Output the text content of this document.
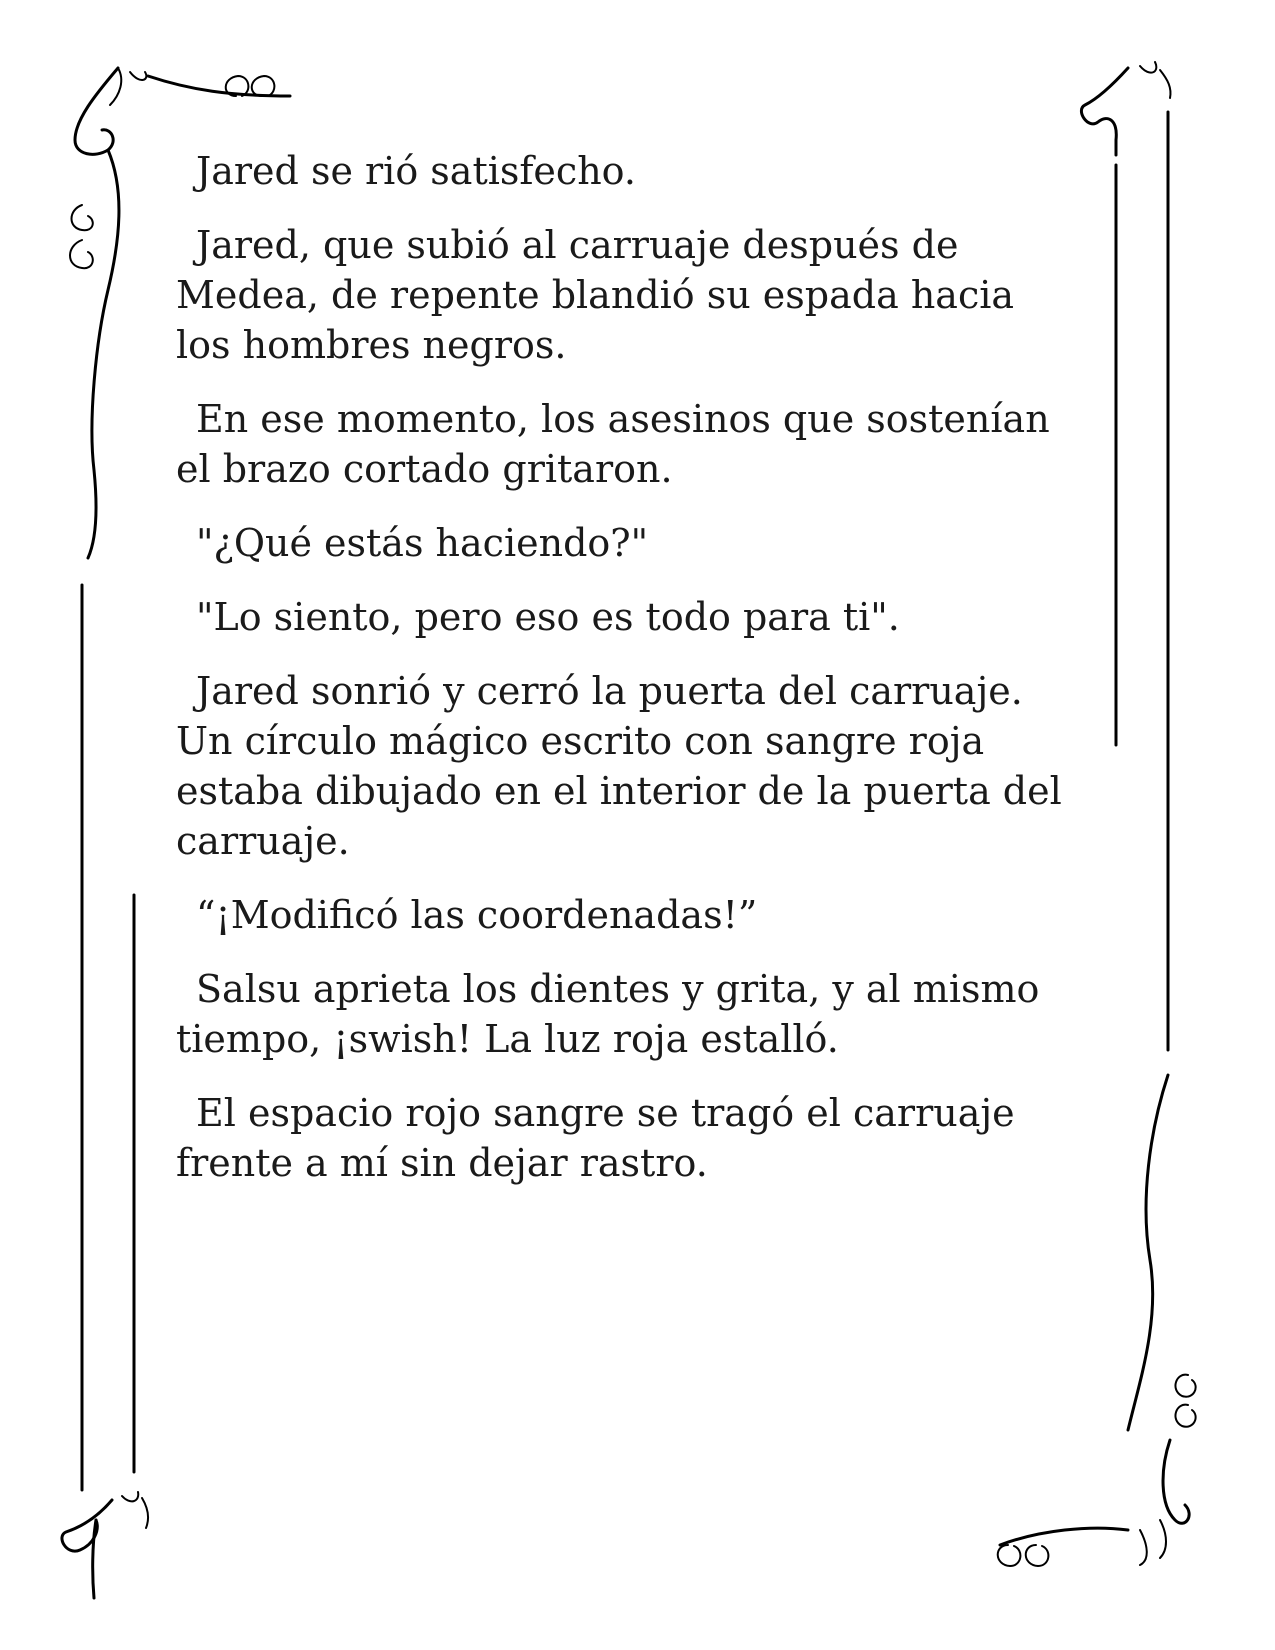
Jared se rió satisfecho.

Jared, que subió al carruaje después de Medea, de repente blandió su espada hacia los hombres negros.

En ese momento, los asesinos que sostenían el brazo cortado gritaron.

"¿Qué estás haciendo?"

"Lo siento, pero eso es todo para ti".

Jared sonrió y cerró la puerta del carruaje. Un círculo mágico escrito con sangre roja estaba dibujado en el interior de la puerta del carruaje.

“¡Modificó las coordenadas!”

Salsu aprieta los dientes y grita, y al mismo tiempo, ¡swish! La luz roja estalló.

El espacio rojo sangre se tragó el carruaje frente a mí sin dejar rastro.
